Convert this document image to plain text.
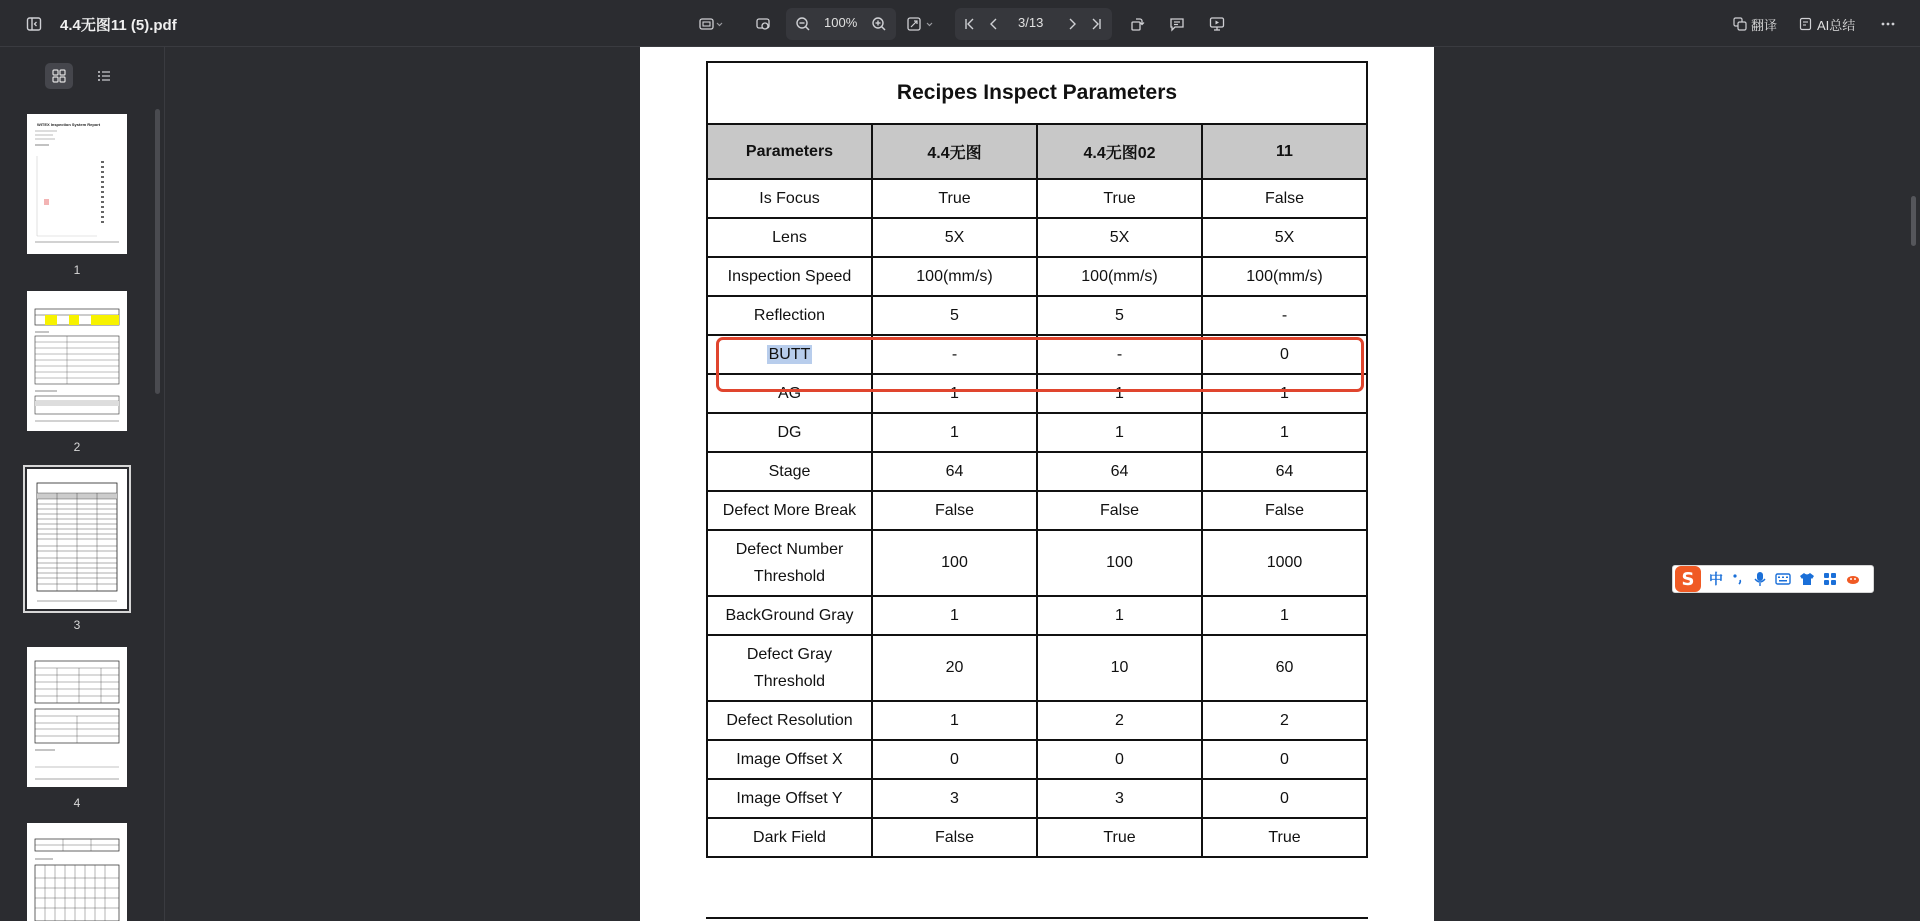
4.4无图11 (5).pdf	100%	3/13	翻译	AI总结
WITEX Inspection System Report
1
2
3
4
Recipes Inspect Parameters			
Parameters	4.4无图	4.4无图02	11
Is Focus	True	True	False
Lens	5X	5X	5X
Inspection Speed	100(mm/s)	100(mm/s)	100(mm/s)
Reflection	5	5	-
BUTT	-	-	0
AG	1	1	1
DG	1	1	1
Stage	64	64	64
Defect More Break	False	False	False
Defect Number Threshold	100	100	1000
BackGround Gray	1	1	1
Defect Gray Threshold	20	10	60
Defect Resolution	1	2	2
Image Offset X	0	0	0
Image Offset Y	3	3	0
Dark Field	False	True	True
S	中
